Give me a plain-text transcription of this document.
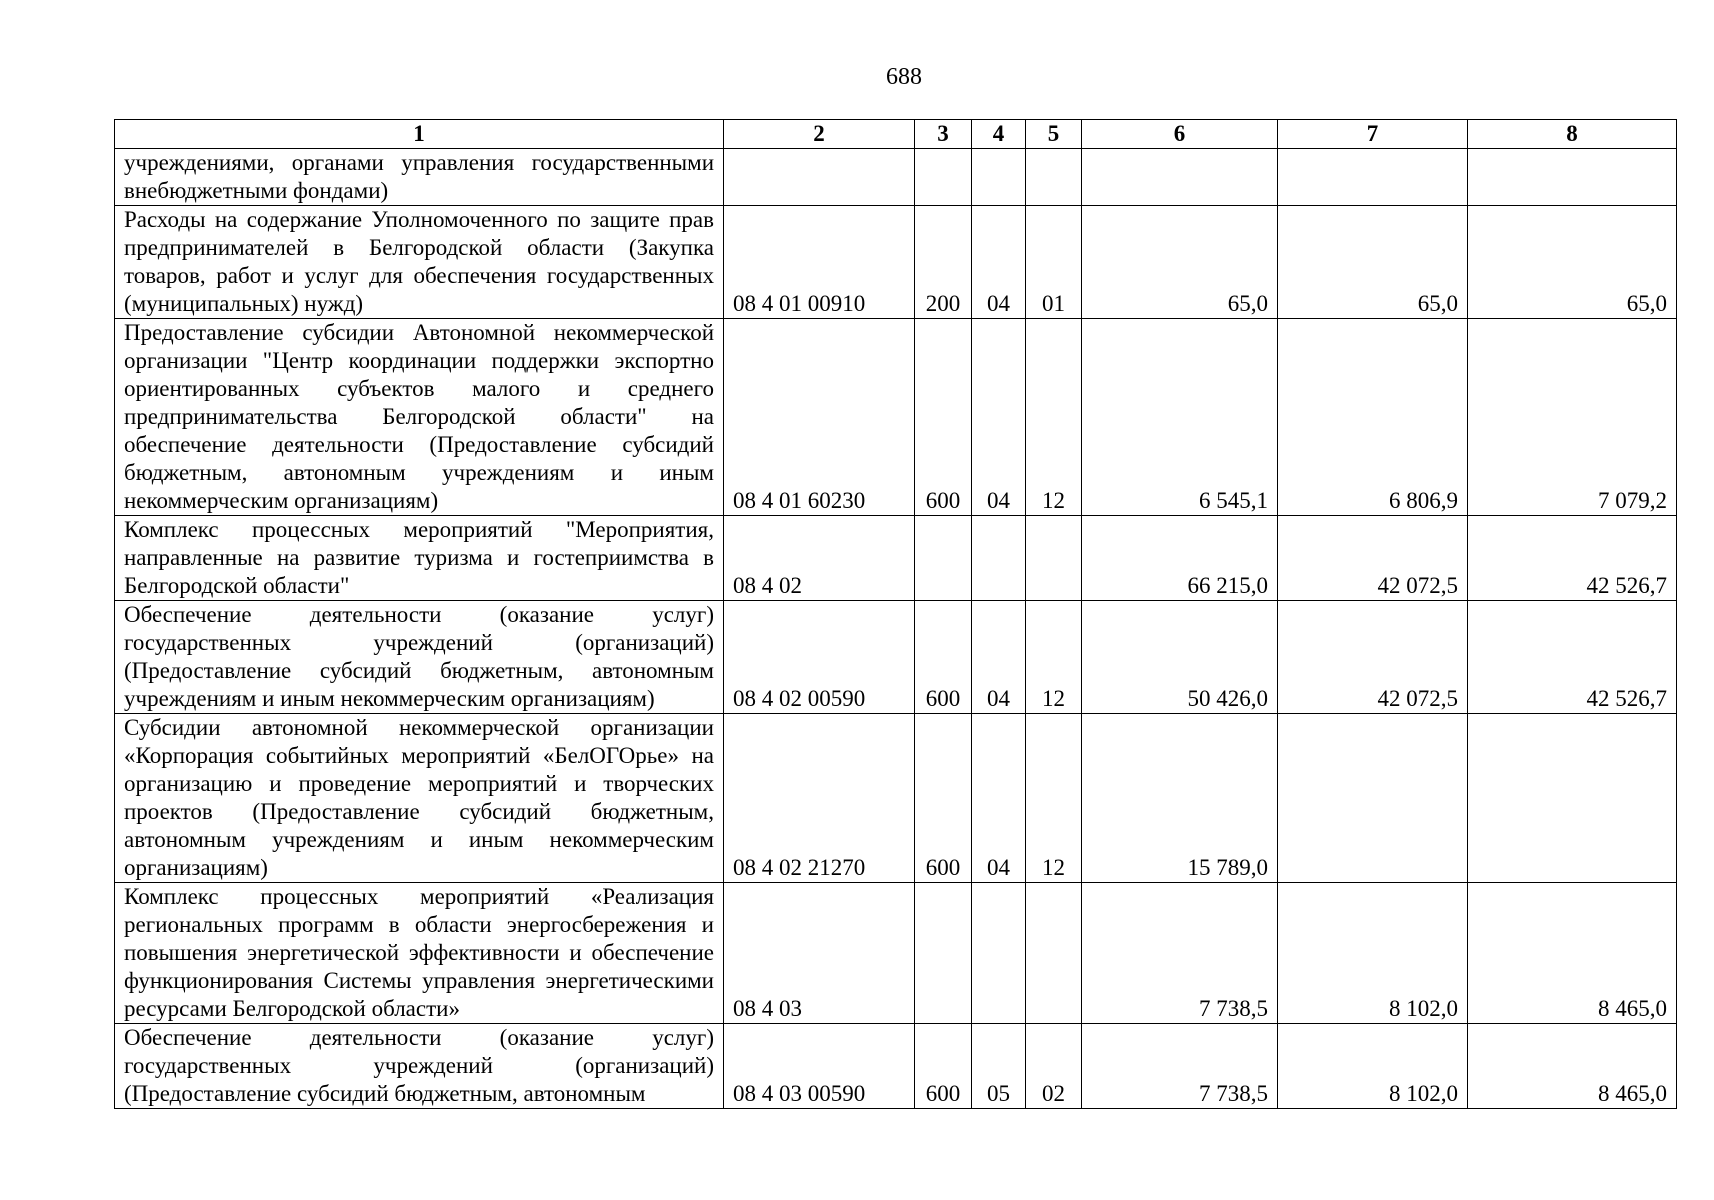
688
1	2	3	4	5	6	7	8
учреждениями, органами управления государственными внебюджетными фондами)							
Расходы на содержание Уполномоченного по защите прав предпринимателей в Белгородской области (Закупка товаров, работ и услуг для обеспечения государственных (муниципальных) нужд)	08 4 01 00910	200	04	01	65,0	65,0	65,0
Предоставление субсидии Автономной некоммерческой организации "Центр координации поддержки экспортно ориентированных субъектов малого и среднего предпринимательства Белгородской области" на обеспечение деятельности (Предоставление субсидий бюджетным, автономным учреждениям и иным некоммерческим организациям)	08 4 01 60230	600	04	12	6 545,1	6 806,9	7 079,2
Комплекс процессных мероприятий "Мероприятия, направленные на развитие туризма и гостеприимства в Белгородской области"	08 4 02				66 215,0	42 072,5	42 526,7
Обеспечение деятельности (оказание услуг) государственных учреждений (организаций) (Предоставление субсидий бюджетным, автономным учреждениям и иным некоммерческим организациям)	08 4 02 00590	600	04	12	50 426,0	42 072,5	42 526,7
Субсидии автономной некоммерческой организации «Корпорация событийных мероприятий «БелОГОрье» на организацию и проведение мероприятий и творческих проектов (Предоставление субсидий бюджетным, автономным учреждениям и иным некоммерческим организациям)	08 4 02 21270	600	04	12	15 789,0		
Комплекс процессных мероприятий «Реализация региональных программ в области энергосбережения и повышения энергетической эффективности и обеспечение функционирования Системы управления энергетическими ресурсами Белгородской области»	08 4 03				7 738,5	8 102,0	8 465,0
Обеспечение деятельности (оказание услуг) государственных учреждений (организаций) (Предоставление субсидий бюджетным, автономным	08 4 03 00590	600	05	02	7 738,5	8 102,0	8 465,0
